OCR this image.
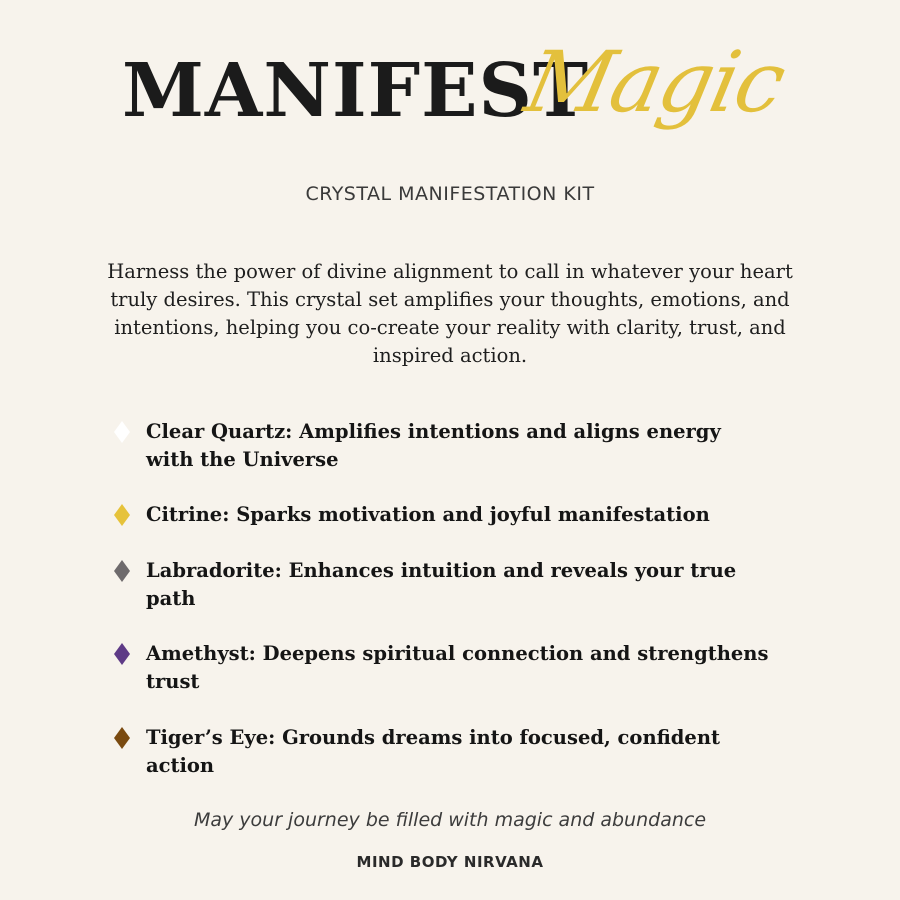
MANIFEST
Magic
CRYSTAL MANIFESTATION KIT
Harness the power of divine alignment to call in whatever your heart truly desires. This crystal set amplifies your thoughts, emotions, and intentions, helping you co-create your reality with clarity, trust, and inspired action.
Clear Quartz: Amplifies intentions and aligns energy with the Universe
Citrine: Sparks motivation and joyful manifestation
Labradorite: Enhances intuition and reveals your true path
Amethyst: Deepens spiritual connection and strengthens trust
Tiger’s Eye: Grounds dreams into focused, confident action
May your journey be filled with magic and abundance
MIND BODY NIRVANA
